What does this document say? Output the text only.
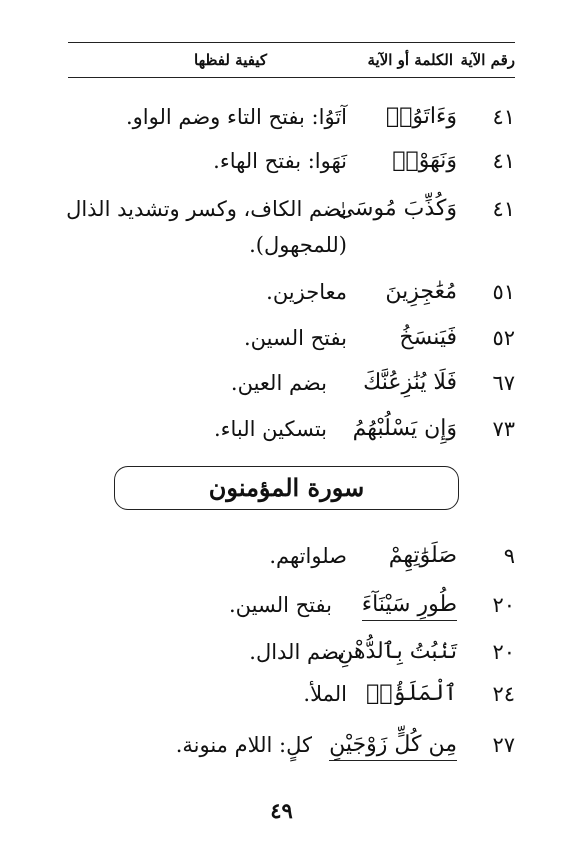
رقم الآية
الكلمة أو الآية
كيفية لفظها
٤١
وَءَاتَوُا۟
آتَوُا: بفتح التاء وضم الواو.
٤١
وَنَهَوْا۟
نَهَوا: بفتح الهاء.
٤١
وَكُذِّبَ مُوسَىٰ
بضم الكاف، وكسر وتشديد الذال
(للمجهول).
٥١
مُعَٰجِزِينَ
معاجزين.
٥٢
فَيَنسَخُ
بفتح السين.
٦٧
فَلَا يُنَٰزِعُنَّكَ
بضم العين.
٧٣
وَإِن يَسْلُبْهُمُ
بتسكين الباء.
سورة المؤمنون
٩
صَلَوَٰتِهِمْ
صلواتهم.
٢٠
طُورِ سَيْنَآءَ
بفتح السين.
٢٠
تَنۢبُتُ بِٱلدُّهْنِ
بضم الدال.
٢٤
ٱلْمَلَؤُا۟
الملأ.
٢٧
مِن كُلٍّ زَوْجَيْنِ
كلٍ: اللام منونة.
٤٩
